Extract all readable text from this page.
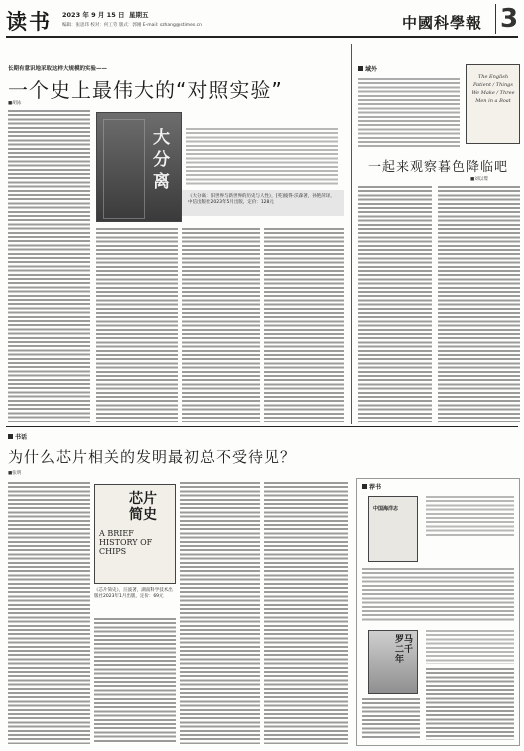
读书 2023 年 9 月 15 日 星期五
编辑：张思玮 校对：何工劳 版式：郭刚 E-mail: szhang@stimes.cn	中國科學報 3
长期有意识地采取这样大规模的实验——
一个史上最伟大的“对照实验”
■胡泳
大分离
《大分离：旧世界与新世界的历史与人性》，[英]彼得·沃森著，孙艳萍译，中信出版社2023年5月出版，定价：128元
域外
The English Patient / Things We Make / Three Men in a Boat
一起来观察暮色降临吧
■刘以璟
书话
为什么芯片相关的发明最初总不受待见？
■张明
芯片简史
A BRIEF HISTORY OF CHIPS
《芯片简史》，汪波著，湖南科学技术出版社2023年1月出版，定价：69元
荐书
中国海洋志
罗马二千年
